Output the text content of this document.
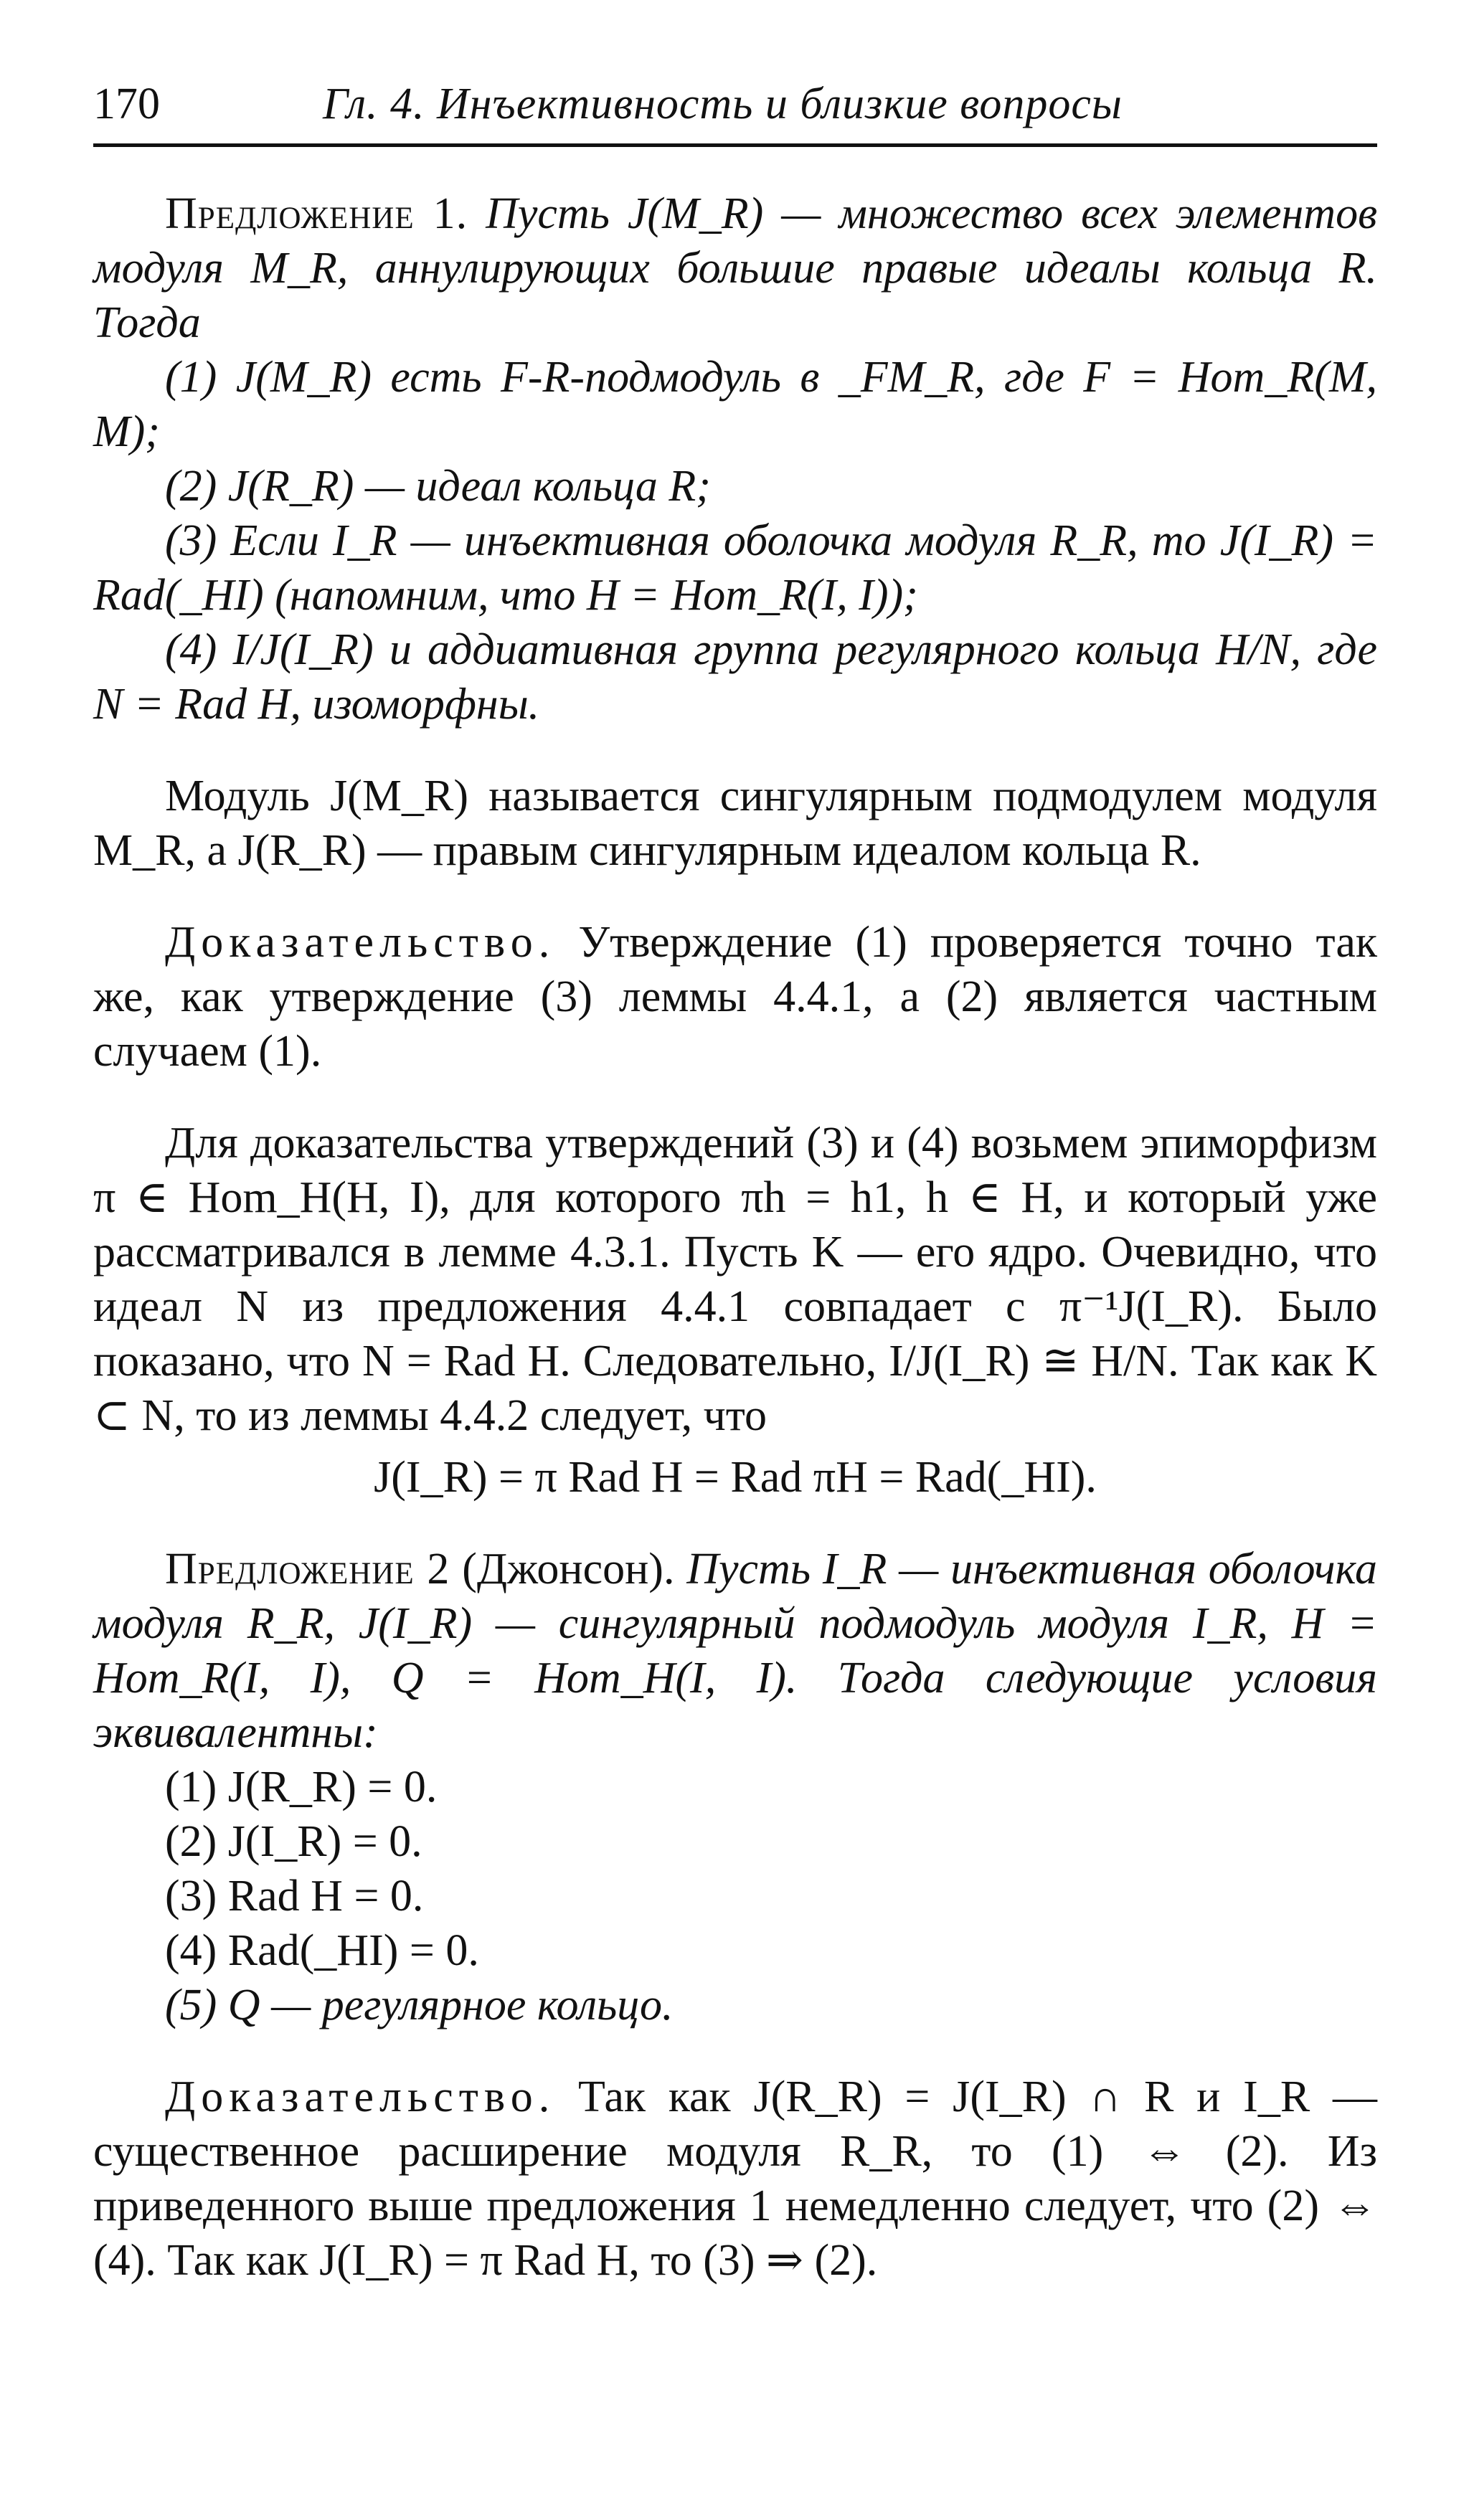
170	Гл. 4. Инъективность и близкие вопросы

Предложение 1. Пусть J(M_R) — множество всех элементов модуля M_R, аннулирующих большие правые идеалы кольца R. Тогда

(1) J(M_R) есть F-R-подмодуль в _FM_R, где F = Hom_R(M, M);

(2) J(R_R) — идеал кольца R;

(3) Если I_R — инъективная оболочка модуля R_R, то J(I_R) = Rad(_HI) (напомним, что H = Hom_R(I, I));

(4) I/J(I_R) и аддиативная группа регулярного кольца H/N, где N = Rad H, изоморфны.

Модуль J(M_R) называется сингулярным подмодулем модуля M_R, а J(R_R) — правым сингулярным идеалом кольца R.

Доказательство. Утверждение (1) проверяется точно так же, как утверждение (3) леммы 4.4.1, а (2) является частным случаем (1).

Для доказательства утверждений (3) и (4) возьмем эпиморфизм π ∈ Hom_H(H, I), для которого πh = h1, h ∈ H, и который уже рассматривался в лемме 4.3.1. Пусть K — его ядро. Очевидно, что идеал N из предложения 4.4.1 совпадает с π⁻¹J(I_R). Было показано, что N = Rad H. Следовательно, I/J(I_R) ≅ H/N. Так как K ⊂ N, то из леммы 4.4.2 следует, что

J(I_R) = π Rad H = Rad πH = Rad(_HI).

Предложение 2 (Джонсон). Пусть I_R — инъективная оболочка модуля R_R, J(I_R) — сингулярный подмодуль модуля I_R, H = Hom_R(I, I), Q = Hom_H(I, I). Тогда следующие условия эквивалентны:

(1) J(R_R) = 0.

(2) J(I_R) = 0.

(3) Rad H = 0.

(4) Rad(_HI) = 0.

(5) Q — регулярное кольцо.

Доказательство. Так как J(R_R) = J(I_R) ∩ R и I_R — существенное расширение модуля R_R, то (1) ⇔ (2). Из приведенного выше предложения 1 немедленно следует, что (2) ⇔ (4). Так как J(I_R) = π Rad H, то (3) ⇒ (2).
